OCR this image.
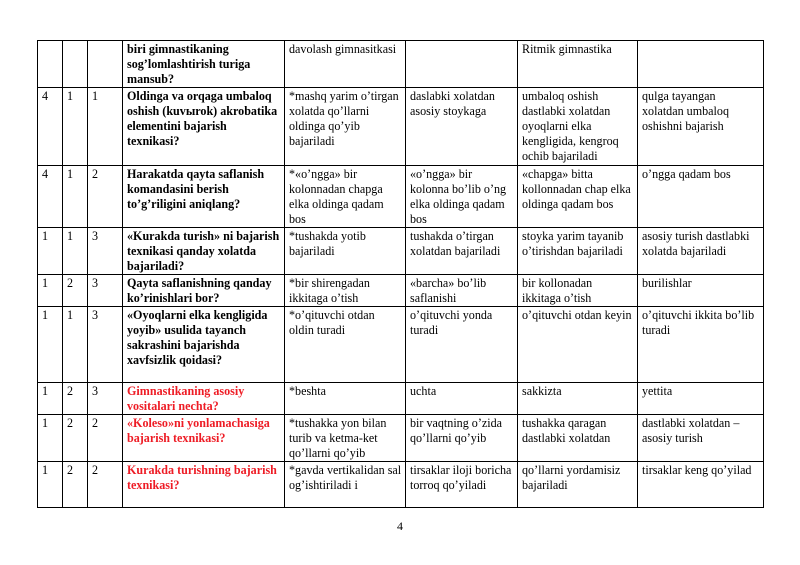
			biri gimnastikaning sog’lomlashtirish turiga mansub?	davolash gimnasitkasi		Ritmik gimnastika	
4	1	1	Oldinga va orqaga umbaloq oshish (kuvыrok) akrobatika elementini bajarish texnikasi?	*mashq yarim o’tirgan xolatda qo’llarni oldinga qo’yib bajariladi	daslabki xolatdan asosiy stoykaga	umbaloq oshish dastlabki xolatdan oyoqlarni elka kengligida, kengroq ochib bajariladi	qulga tayangan xolatdan umbaloq oshishni bajarish
4	1	2	Harakatda qayta saflanish komandasini berish to’g’riligini aniqlang?	*«o’ngga» bir kolonnadan chapga elka oldinga qadam bos	«o’ngga» bir kolonna bo’lib o’ng elka oldinga qadam bos	«chapga» bitta kollonnadan chap elka oldinga qadam bos	o’ngga qadam bos
1	1	3	«Kurakda turish» ni bajarish texnikasi qanday xolatda bajariladi?	*tushakda yotib bajariladi	tushakda o’tirgan xolatdan bajariladi	stoyka yarim tayanib o’tirishdan bajariladi	asosiy turish dastlabki xolatda bajariladi
1	2	3	Qayta saflanishning qanday ko’rinishlari bor?	*bir shirengadan ikkitaga o’tish	«barcha» bo’lib saflanishi	bir kollonadan ikkitaga o’tish	burilishlar
1	1	3	«Oyoqlarni elka kengligida yoyib» usulida tayanch sakrashini bajarishda xavfsizlik qoidasi?	*o’qituvchi otdan oldin turadi	o’qituvchi yonda turadi	o’qituvchi otdan keyin	o’qituvchi ikkita bo’lib turadi
1	2	3	Gimnastikaning asosiy vositalari nechta?	*beshta	uchta	sakkizta	yettita
1	2	2	«Koleso»ni yonlamachasiga bajarish texnikasi?	*tushakka yon bilan turib va ketma-ket qo’llarni qo’yib	bir vaqtning o’zida qo’llarni qo’yib	tushakka qaragan dastlabki xolatdan	dastlabki xolatdan – asosiy turish
1	2	2	Kurakda turishning bajarish texnikasi?	*gavda vertikalidan sal og’ishtiriladi i	tirsaklar iloji boricha torroq qo’yiladi	qo’llarni yordamisiz bajariladi	tirsaklar keng qo’yilad
4
